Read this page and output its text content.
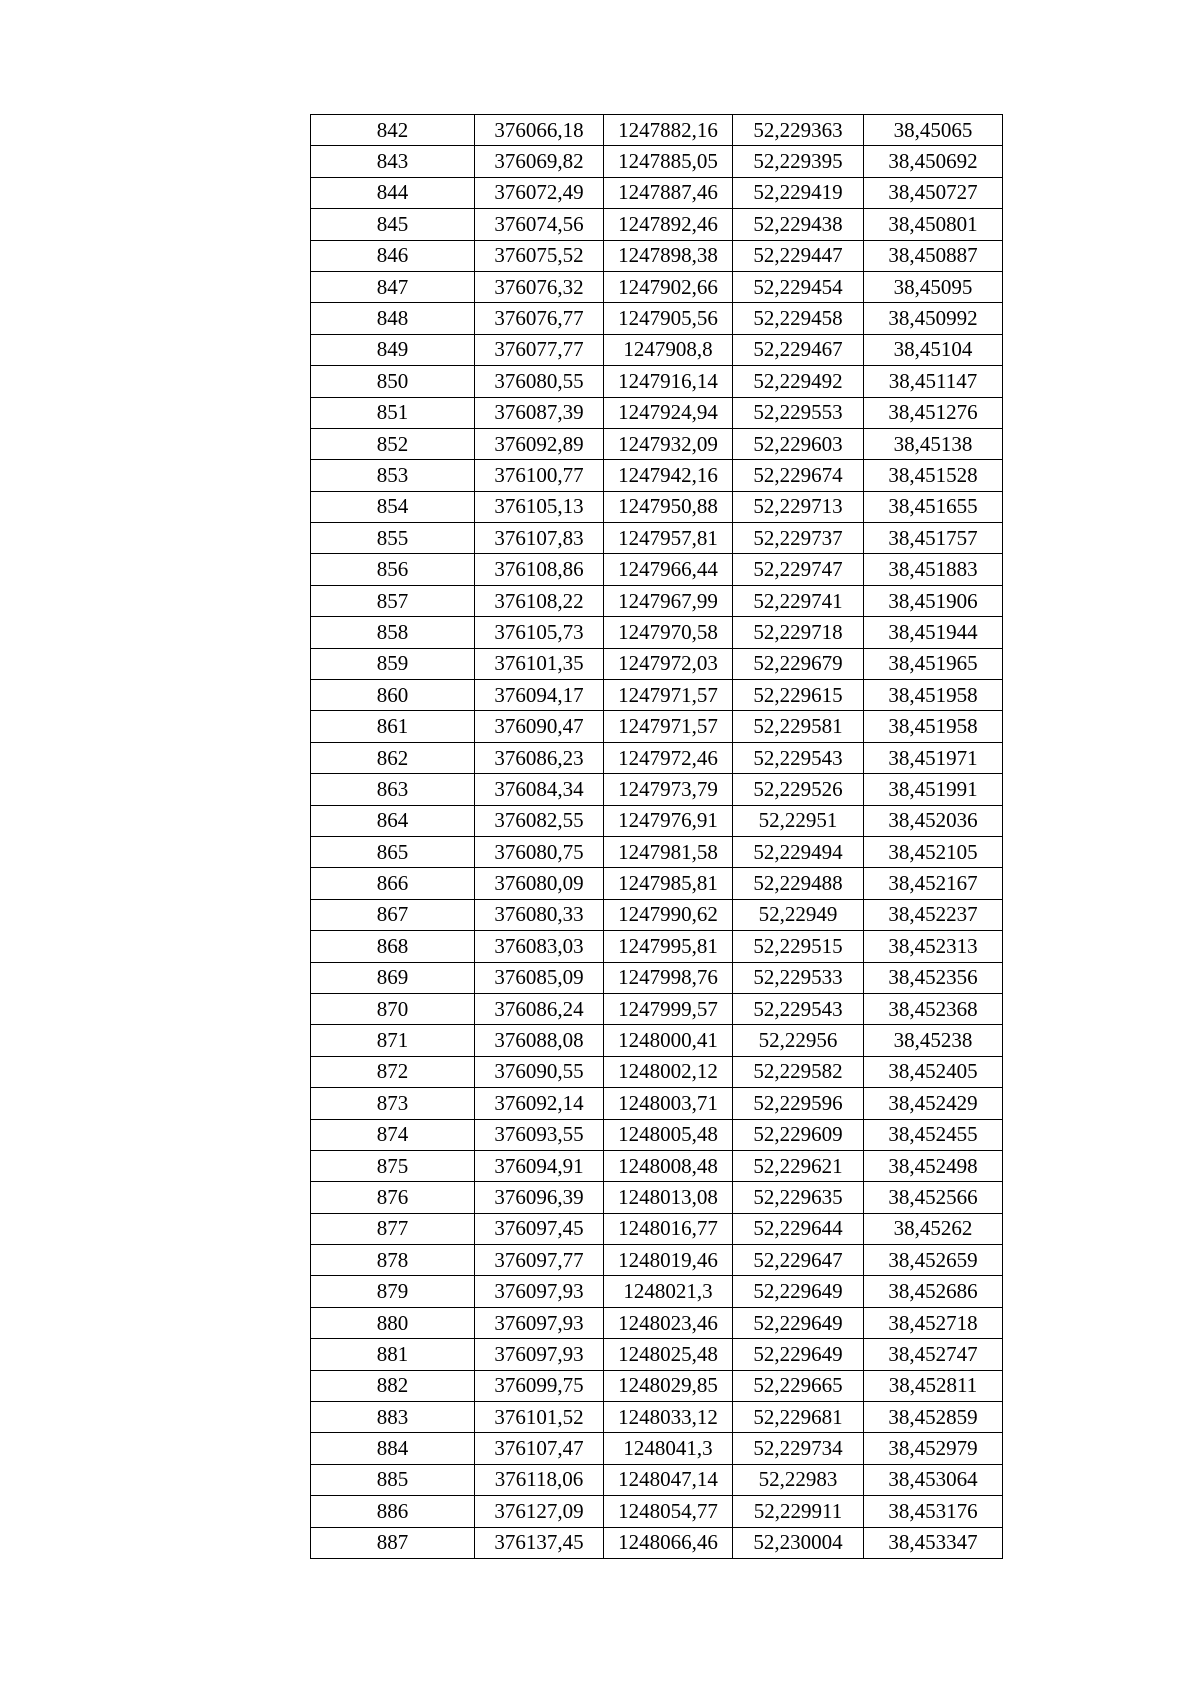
842	376066,18	1247882,16	52,229363	38,45065
843	376069,82	1247885,05	52,229395	38,450692
844	376072,49	1247887,46	52,229419	38,450727
845	376074,56	1247892,46	52,229438	38,450801
846	376075,52	1247898,38	52,229447	38,450887
847	376076,32	1247902,66	52,229454	38,45095
848	376076,77	1247905,56	52,229458	38,450992
849	376077,77	1247908,8	52,229467	38,45104
850	376080,55	1247916,14	52,229492	38,451147
851	376087,39	1247924,94	52,229553	38,451276
852	376092,89	1247932,09	52,229603	38,45138
853	376100,77	1247942,16	52,229674	38,451528
854	376105,13	1247950,88	52,229713	38,451655
855	376107,83	1247957,81	52,229737	38,451757
856	376108,86	1247966,44	52,229747	38,451883
857	376108,22	1247967,99	52,229741	38,451906
858	376105,73	1247970,58	52,229718	38,451944
859	376101,35	1247972,03	52,229679	38,451965
860	376094,17	1247971,57	52,229615	38,451958
861	376090,47	1247971,57	52,229581	38,451958
862	376086,23	1247972,46	52,229543	38,451971
863	376084,34	1247973,79	52,229526	38,451991
864	376082,55	1247976,91	52,22951	38,452036
865	376080,75	1247981,58	52,229494	38,452105
866	376080,09	1247985,81	52,229488	38,452167
867	376080,33	1247990,62	52,22949	38,452237
868	376083,03	1247995,81	52,229515	38,452313
869	376085,09	1247998,76	52,229533	38,452356
870	376086,24	1247999,57	52,229543	38,452368
871	376088,08	1248000,41	52,22956	38,45238
872	376090,55	1248002,12	52,229582	38,452405
873	376092,14	1248003,71	52,229596	38,452429
874	376093,55	1248005,48	52,229609	38,452455
875	376094,91	1248008,48	52,229621	38,452498
876	376096,39	1248013,08	52,229635	38,452566
877	376097,45	1248016,77	52,229644	38,45262
878	376097,77	1248019,46	52,229647	38,452659
879	376097,93	1248021,3	52,229649	38,452686
880	376097,93	1248023,46	52,229649	38,452718
881	376097,93	1248025,48	52,229649	38,452747
882	376099,75	1248029,85	52,229665	38,452811
883	376101,52	1248033,12	52,229681	38,452859
884	376107,47	1248041,3	52,229734	38,452979
885	376118,06	1248047,14	52,22983	38,453064
886	376127,09	1248054,77	52,229911	38,453176
887	376137,45	1248066,46	52,230004	38,453347
